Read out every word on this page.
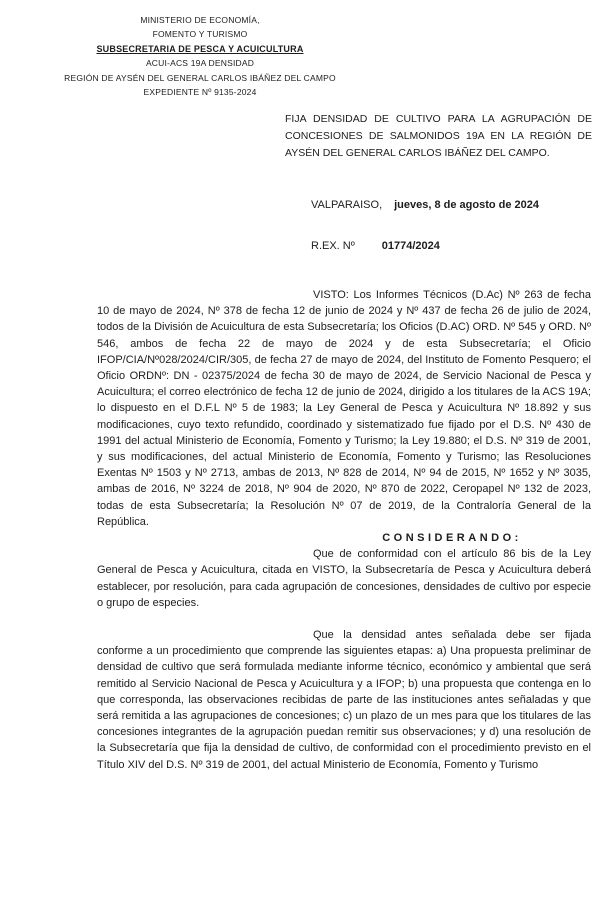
MINISTERIO DE ECONOMÍA,
FOMENTO Y TURISMO
SUBSECRETARIA DE PESCA Y ACUICULTURA
ACUI-ACS 19A DENSIDAD
REGIÓN DE AYSÉN DEL GENERAL CARLOS IBÁÑEZ DEL CAMPO
EXPEDIENTE Nº 9135-2024
FIJA DENSIDAD DE CULTIVO PARA LA AGRUPACIÓN DE CONCESIONES DE SALMONIDOS 19A EN LA REGIÓN DE AYSÉN DEL GENERAL CARLOS IBÁÑEZ DEL CAMPO.
VALPARAISO, jueves, 8 de agosto de 2024
R.EX. Nº 01774/2024

VISTO: Los Informes Técnicos (D.Ac) Nº 263 de fecha 10 de mayo de 2024, Nº 378 de fecha 12 de junio de 2024 y Nº 437 de fecha 26 de julio de 2024, todos de la División de Acuicultura de esta Subsecretaría; los Oficios (D.AC) ORD. Nº 545 y ORD. Nº 546, ambos de fecha 22 de mayo de 2024 y de esta Subsecretaría; el Oficio IFOP/CIA/Nº028/2024/CIR/305, de fecha 27 de mayo de 2024, del Instituto de Fomento Pesquero; el Oficio ORDNº: DN - 02375/2024 de fecha 30 de mayo de 2024, de Servicio Nacional de Pesca y Acuicultura; el correo electrónico de fecha 12 de junio de 2024, dirigido a los titulares de la ACS 19A; lo dispuesto en el D.F.L Nº 5 de 1983; la Ley General de Pesca y Acuicultura Nº 18.892 y sus modificaciones, cuyo texto refundido, coordinado y sistematizado fue fijado por el D.S. Nº 430 de 1991 del actual Ministerio de Economía, Fomento y Turismo; la Ley 19.880; el D.S. Nº 319 de 2001, y sus modificaciones, del actual Ministerio de Economía, Fomento y Turismo; las Resoluciones Exentas Nº 1503 y Nº 2713, ambas de 2013, Nº 828 de 2014, Nº 94 de 2015, Nº 1652 y Nº 3035, ambas de 2016, Nº 3224 de 2018, Nº 904 de 2020, Nº 870 de 2022, Ceropapel Nº 132 de 2023, todas de esta Subsecretaría; la Resolución Nº 07 de 2019, de la Contraloría General de la República.

CONSIDERANDO:

Que de conformidad con el artículo 86 bis de la Ley General de Pesca y Acuicultura, citada en VISTO, la Subsecretaría de Pesca y Acuicultura deberá establecer, por resolución, para cada agrupación de concesiones, densidades de cultivo por especie o grupo de especies.

Que la densidad antes señalada debe ser fijada conforme a un procedimiento que comprende las siguientes etapas: a) Una propuesta preliminar de densidad de cultivo que será formulada mediante informe técnico, económico y ambiental que será remitido al Servicio Nacional de Pesca y Acuicultura y a IFOP; b) una propuesta que contenga en lo que corresponda, las observaciones recibidas de parte de las instituciones antes señaladas y que será remitida a las agrupaciones de concesiones; c) un plazo de un mes para que los titulares de las concesiones integrantes de la agrupación puedan remitir sus observaciones; y d) una resolución de la Subsecretaría que fija la densidad de cultivo, de conformidad con el procedimiento previsto en el Título XIV del D.S. Nº 319 de 2001, del actual Ministerio de Economía, Fomento y Turismo
